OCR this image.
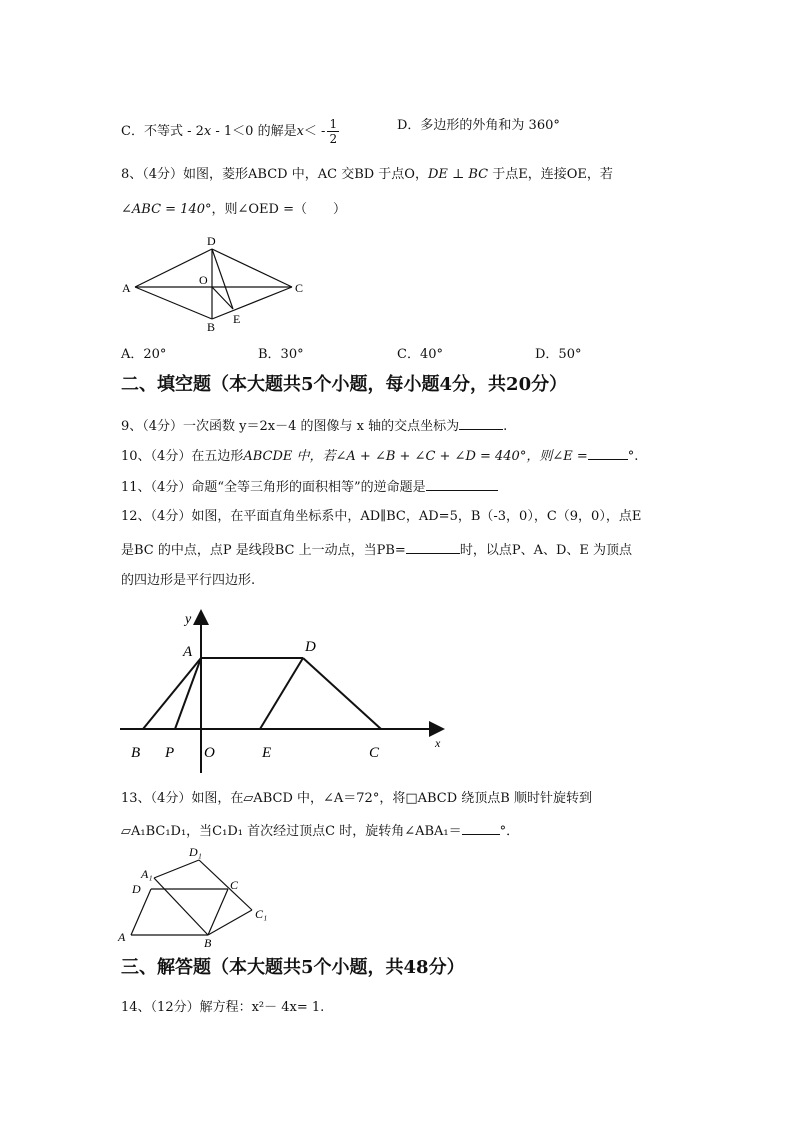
C．不等式 - 2x - 1＜0 的解是$x< - \frac{1}{2}$	D．多边形的外角和为 360°
8、（4分）如图，菱形ABCD 中，AC 交BD 于点O，DE ⊥ BC 于点E，连接OE，若
∠ABC = 140°，则∠OED =（　　）
A
D
C
B
O
E
A．20°	B．30°	C．40°	D．50°
二、填空题（本大题共5个小题，每小题4分，共20分）
9、（4分）一次函数 y＝2x－4 的图像与 x 轴的交点坐标为	.
10、（4分）在五边形ABCDE 中，若∠A + ∠B + ∠C + ∠D = 440°，则∠E =	°.
11、（4分）命题“全等三角形的面积相等”的逆命题是
12、（4分）如图，在平面直角坐标系中，AD∥BC，AD=5，B（-3，0），C（9，0），点E
是BC 的中点，点P 是线段BC 上一动点，当PB=	时，以点P、A、D、E 为顶点
的四边形是平行四边形.
y
x
A	D
B P O	E	C
13、（4分）如图，在▱ABCD 中，∠A＝72°，将□ABCD 绕顶点B 顺时针旋转到
▱A₁BC₁D₁，当C₁D₁ 首次经过顶点C 时，旋转角∠ABA₁＝	°．
D₁
A₁
D	C
C₁
A	B
三、解答题（本大题共5个小题，共48分）
14、（12分）解方程：x²－ 4x= 1.
